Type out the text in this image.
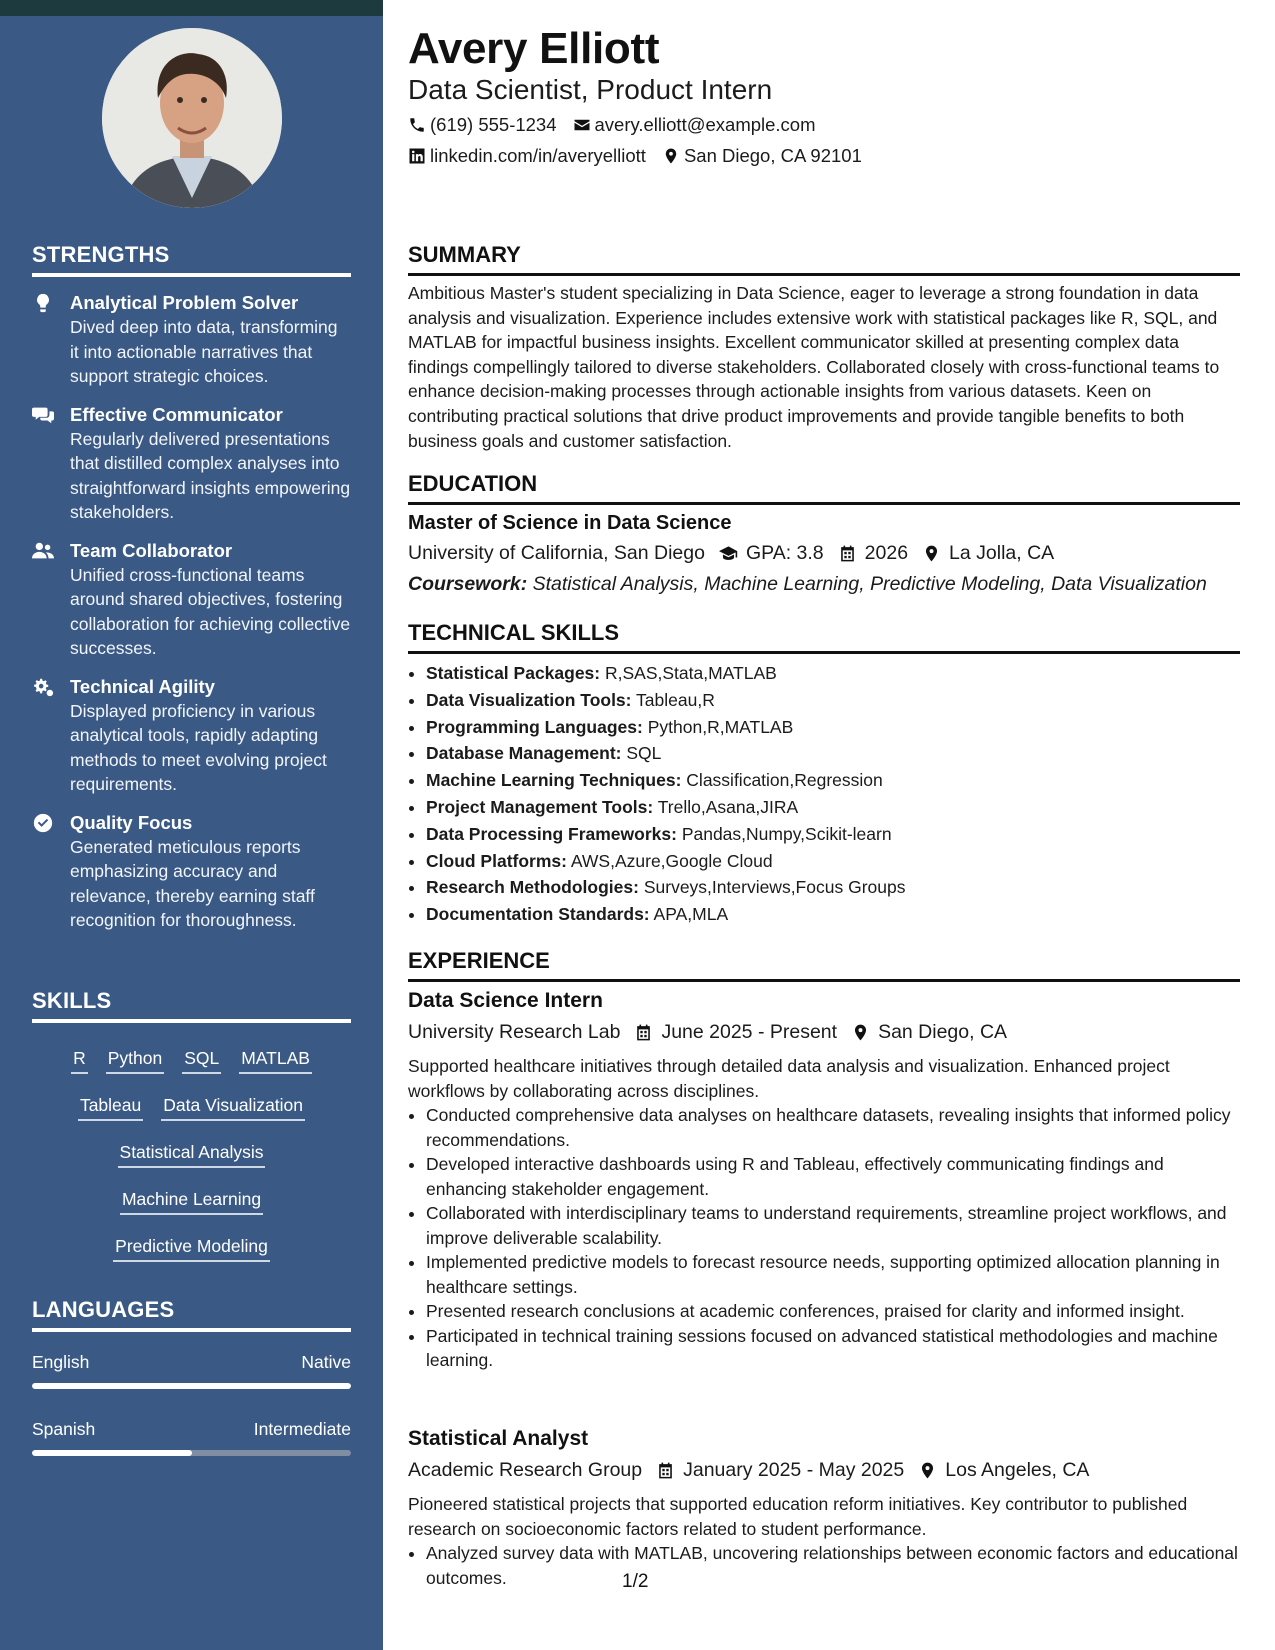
STRENGTHS
Analytical Problem Solver
Dived deep into data, transforming it into actionable narratives that support strategic choices.
Effective Communicator
Regularly delivered presentations that distilled complex analyses into straightforward insights empowering stakeholders.
Team Collaborator
Unified cross-functional teams around shared objectives, fostering collaboration for achieving collective successes.
Technical Agility
Displayed proficiency in various analytical tools, rapidly adapting methods to meet evolving project requirements.
Quality Focus
Generated meticulous reports emphasizing accuracy and relevance, thereby earning staff recognition for thoroughness.
SKILLS
R Python SQL MATLAB
Tableau Data Visualization
Statistical Analysis
Machine Learning
Predictive Modeling
LANGUAGES
English	Native
Spanish	Intermediate
Avery Elliott
Data Scientist, Product Intern
(619) 555-1234 avery.elliott@example.com
linkedin.com/in/averyelliott San Diego, CA 92101
SUMMARY

Ambitious Master's student specializing in Data Science, eager to leverage a strong foundation in data analysis and visualization. Experience includes extensive work with statistical packages like R, SQL, and MATLAB for impactful business insights. Excellent communicator skilled at presenting complex data findings compellingly tailored to diverse stakeholders. Collaborated closely with cross-functional teams to enhance decision-making processes through actionable insights from various datasets. Keen on contributing practical solutions that drive product improvements and provide tangible benefits to both business goals and customer satisfaction.

EDUCATION
Master of Science in Data Science
University of California, San Diego GPA: 3.8 2026 La Jolla, CA
Coursework: Statistical Analysis, Machine Learning, Predictive Modeling, Data Visualization
TECHNICAL SKILLS
• Statistical Packages: R,SAS,Stata,MATLAB
• Data Visualization Tools: Tableau,R
• Programming Languages: Python,R,MATLAB
• Database Management: SQL
• Machine Learning Techniques: Classification,Regression
• Project Management Tools: Trello,Asana,JIRA
• Data Processing Frameworks: Pandas,Numpy,Scikit-learn
• Cloud Platforms: AWS,Azure,Google Cloud
• Research Methodologies: Surveys,Interviews,Focus Groups
• Documentation Standards: APA,MLA
EXPERIENCE
Data Science Intern
University Research Lab June 2025 - Present San Diego, CA

Supported healthcare initiatives through detailed data analysis and visualization. Enhanced project workflows by collaborating across disciplines.

• Conducted comprehensive data analyses on healthcare datasets, revealing insights that informed policy recommendations.
• Developed interactive dashboards using R and Tableau, effectively communicating findings and enhancing stakeholder engagement.
• Collaborated with interdisciplinary teams to understand requirements, streamline project workflows, and improve deliverable scalability.
• Implemented predictive models to forecast resource needs, supporting optimized allocation planning in healthcare settings.
• Presented research conclusions at academic conferences, praised for clarity and informed insight.
• Participated in technical training sessions focused on advanced statistical methodologies and machine learning.
Statistical Analyst
Academic Research Group January 2025 - May 2025 Los Angeles, CA

Pioneered statistical projects that supported education reform initiatives. Key contributor to published research on socioeconomic factors related to student performance.

• Analyzed survey data with MATLAB, uncovering relationships between economic factors and educational outcomes.	1/2
